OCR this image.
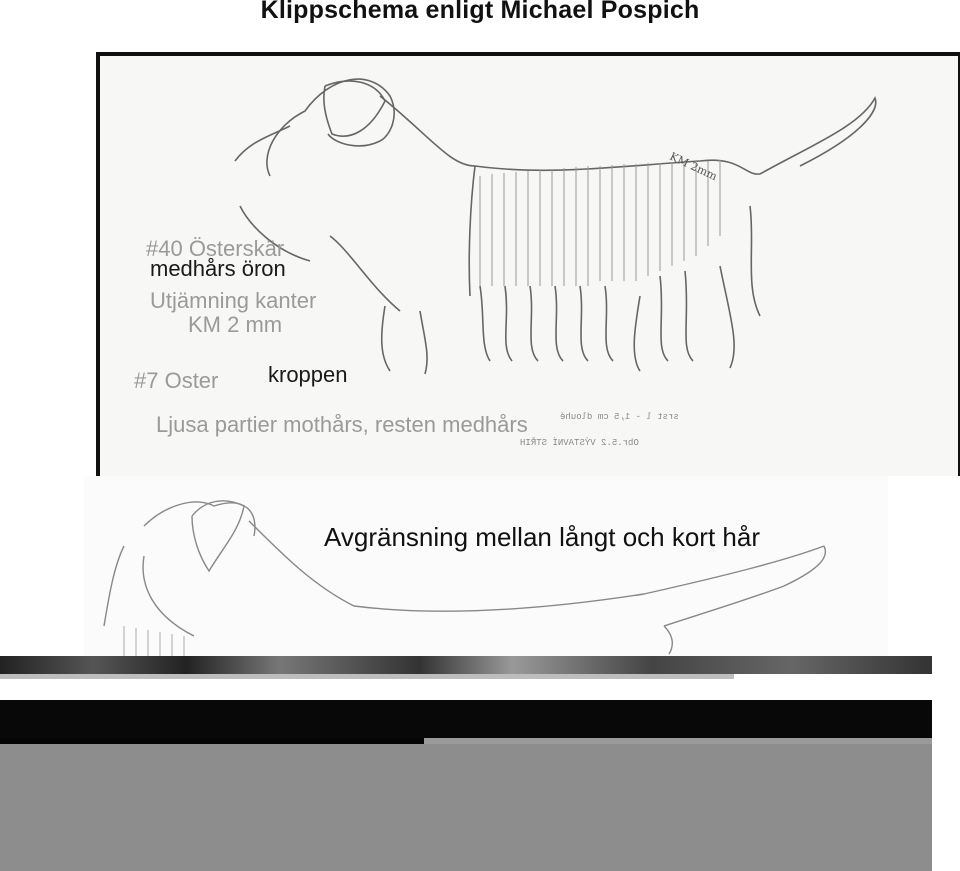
Klippschema enligt Michael Pospich
#40 Österskär
medhårs öron
Utjämning kanter
KM 2 mm
#7 Oster kroppen
Ljusa partier mothårs, resten medhårs	srst l - 1,5 cm dlouhé
Obr.5.2 VÝSTAVNÍ STŘIH
KM 2mm
Avgränsning mellan långt och kort hår
